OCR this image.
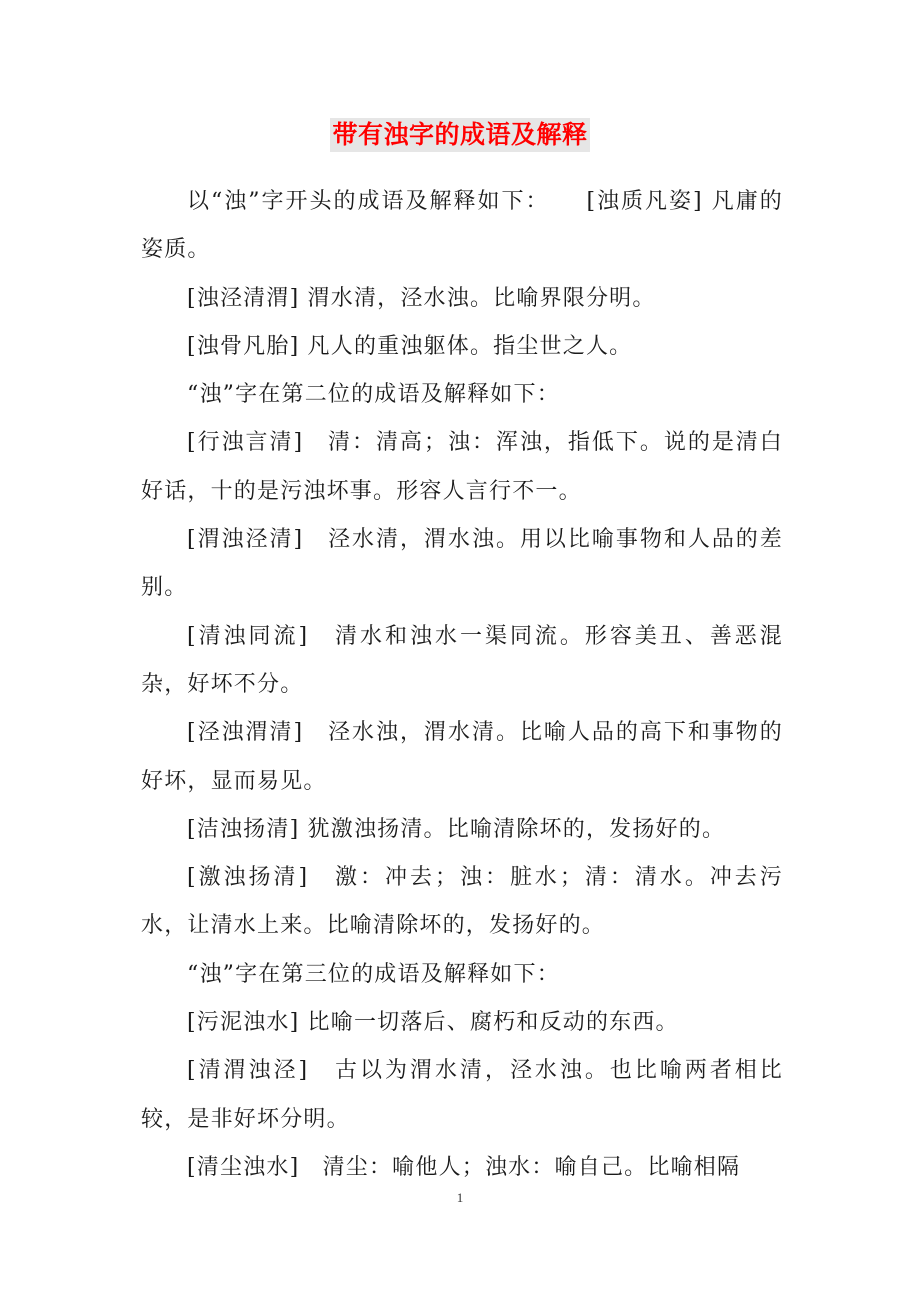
带有浊字的成语及解释

以“浊”字开头的成语及解释如下：　　[浊质凡姿] 凡庸的姿质。

[浊泾清渭] 渭水清，泾水浊。比喻界限分明。

[浊骨凡胎] 凡人的重浊躯体。指尘世之人。

“浊”字在第二位的成语及解释如下：

[行浊言清]　清：清高；浊：浑浊，指低下。说的是清白好话，十的是污浊坏事。形容人言行不一。

[渭浊泾清]　泾水清，渭水浊。用以比喻事物和人品的差别。

[清浊同流]　清水和浊水一渠同流。形容美丑、善恶混杂，好坏不分。

[泾浊渭清]　泾水浊，渭水清。比喻人品的高下和事物的好坏，显而易见。

[洁浊扬清] 犹激浊扬清。比喻清除坏的，发扬好的。

[激浊扬清]　激：冲去；浊：脏水；清：清水。冲去污水，让清水上来。比喻清除坏的，发扬好的。

“浊”字在第三位的成语及解释如下：

[污泥浊水] 比喻一切落后、腐朽和反动的东西。

[清渭浊泾]　古以为渭水清，泾水浊。也比喻两者相比较，是非好坏分明。

[清尘浊水]　清尘：喻他人；浊水：喻自己。比喻相隔

1
